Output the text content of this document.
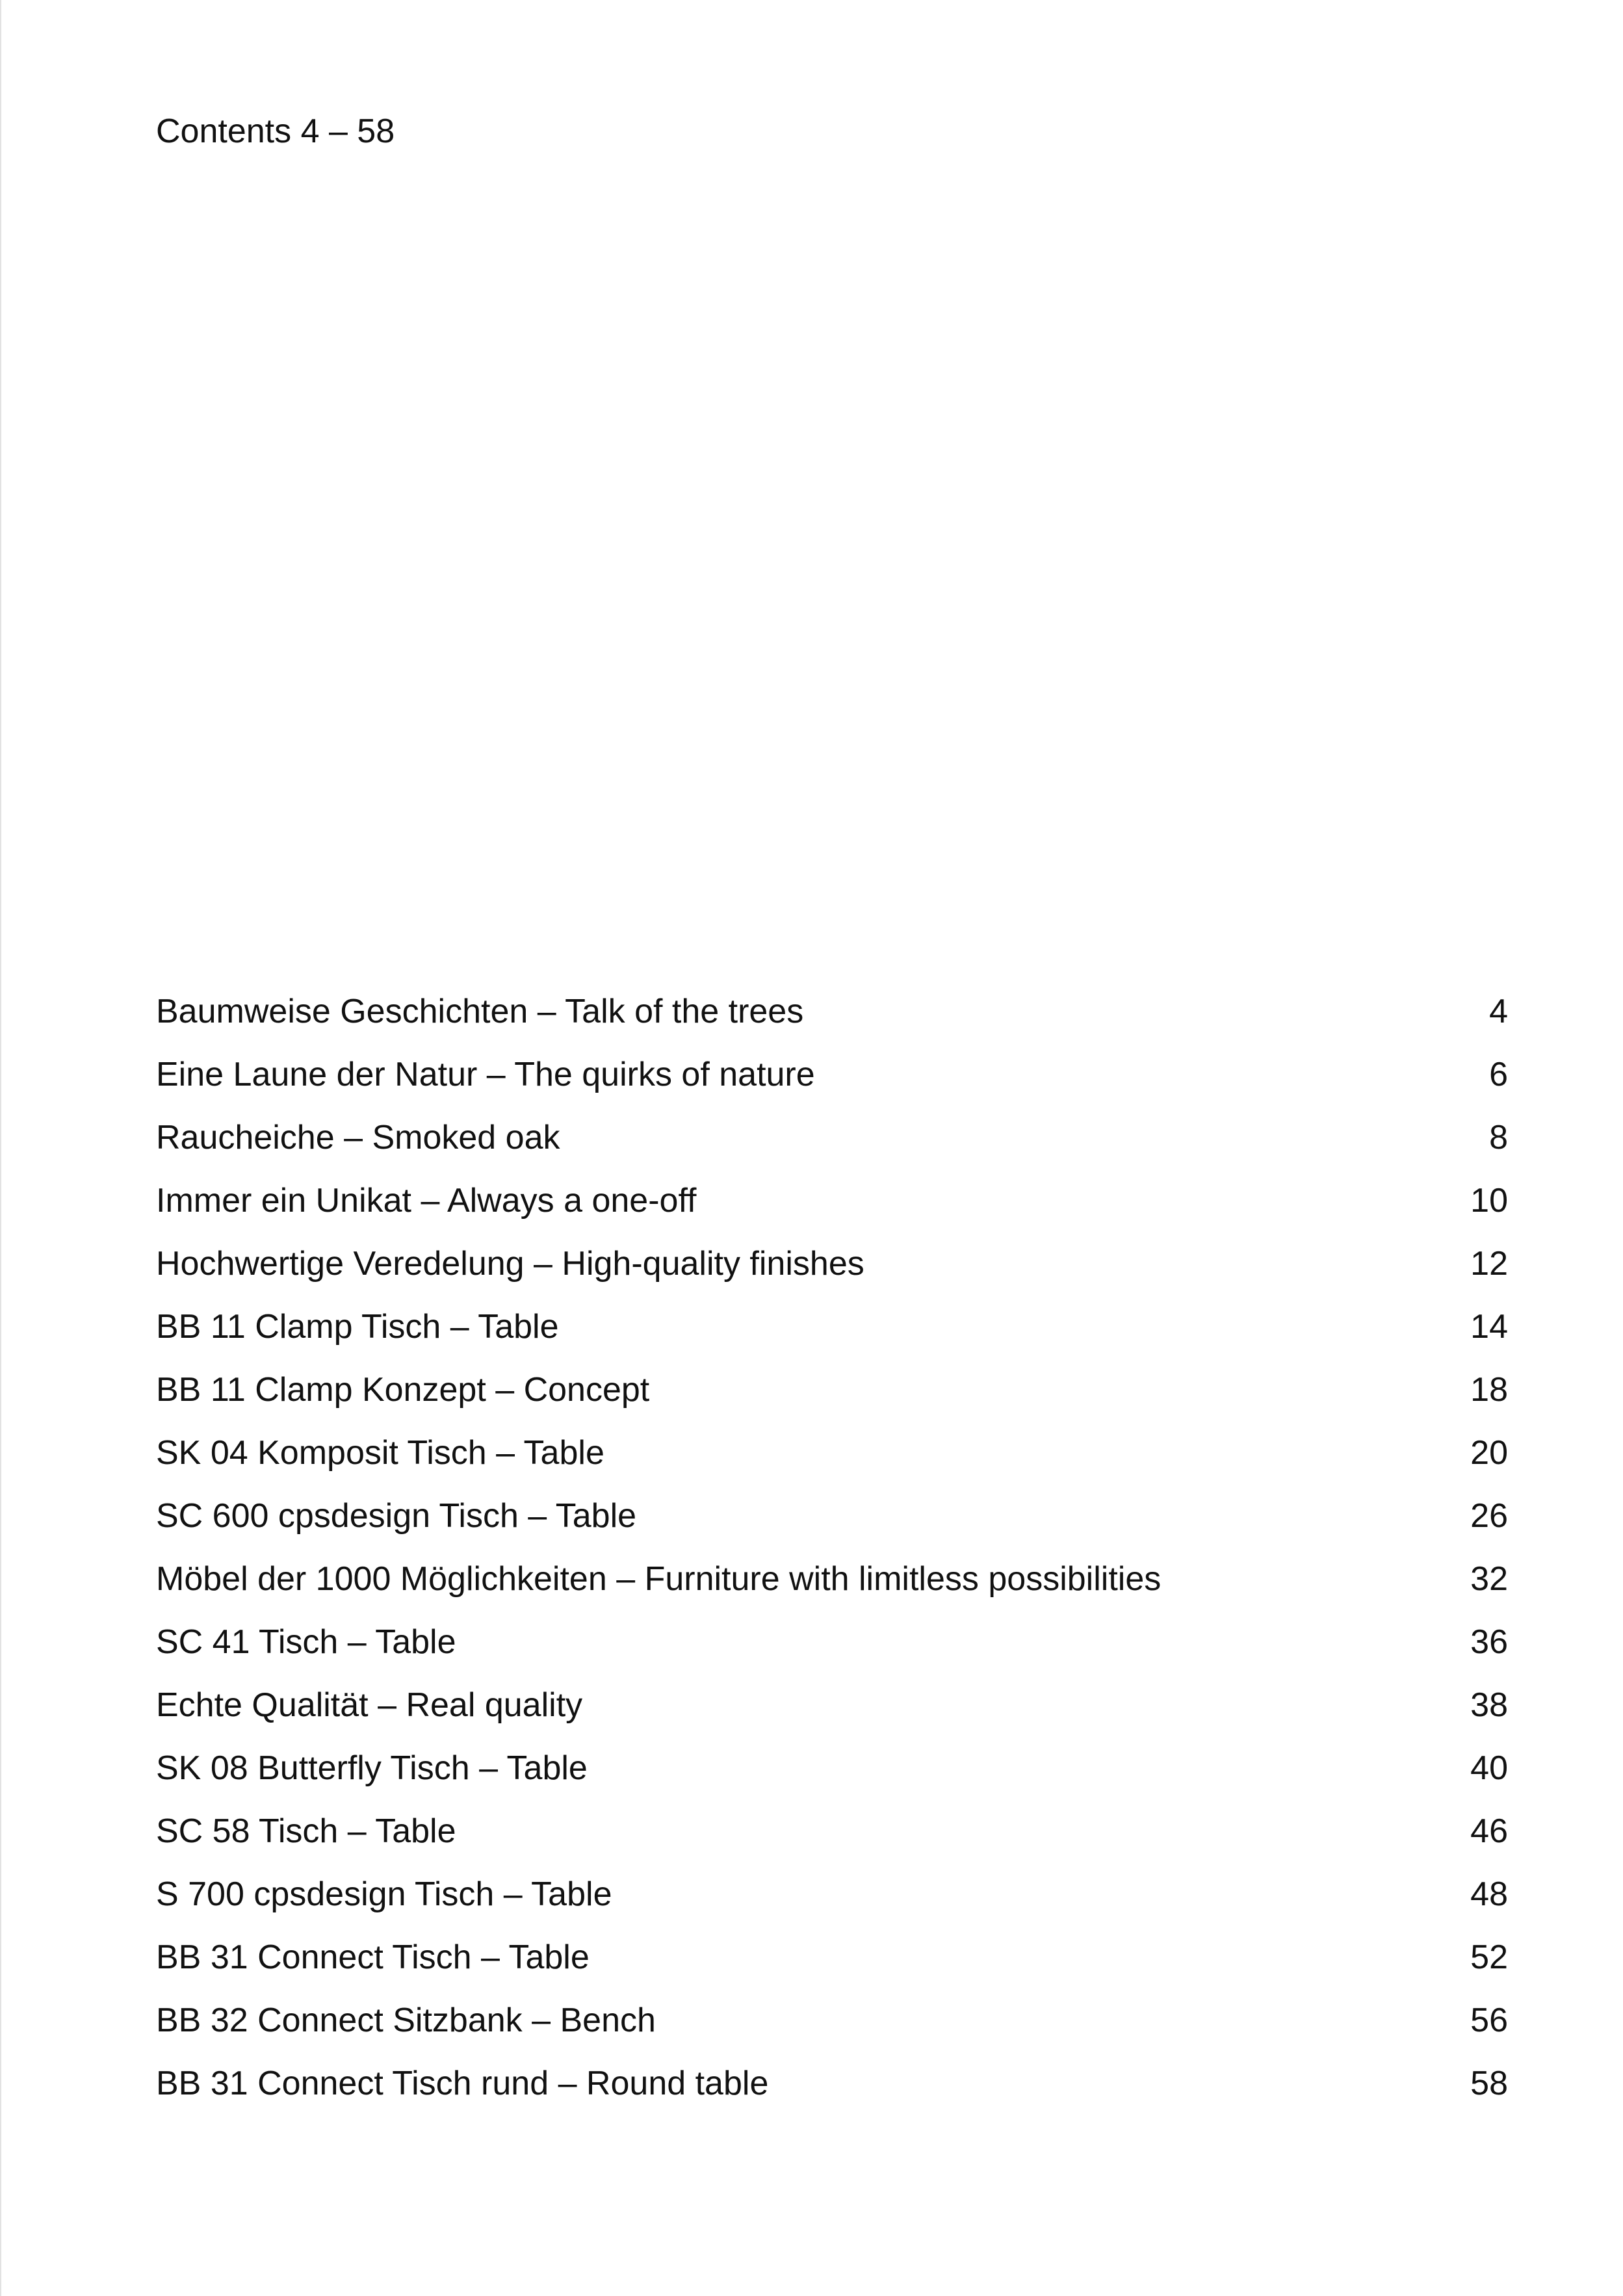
Contents 4 – 58
Baumweise Geschichten – Talk of the trees	4
Eine Laune der Natur – The quirks of nature	6
Raucheiche – Smoked oak	8
Immer ein Unikat – Always a one-off	10
Hochwertige Veredelung – High-quality finishes	12
BB 11 Clamp Tisch – Table	14
BB 11 Clamp Konzept – Concept	18
SK 04 Komposit Tisch – Table	20
SC 600 cpsdesign Tisch – Table	26
Möbel der 1000 Möglichkeiten – Furniture with limitless possibilities	32
SC 41 Tisch – Table	36
Echte Qualität – Real quality	38
SK 08 Butterfly Tisch – Table	40
SC 58 Tisch – Table	46
S 700 cpsdesign Tisch – Table	48
BB 31 Connect Tisch – Table	52
BB 32 Connect Sitzbank – Bench	56
BB 31 Connect Tisch rund – Round table	58
